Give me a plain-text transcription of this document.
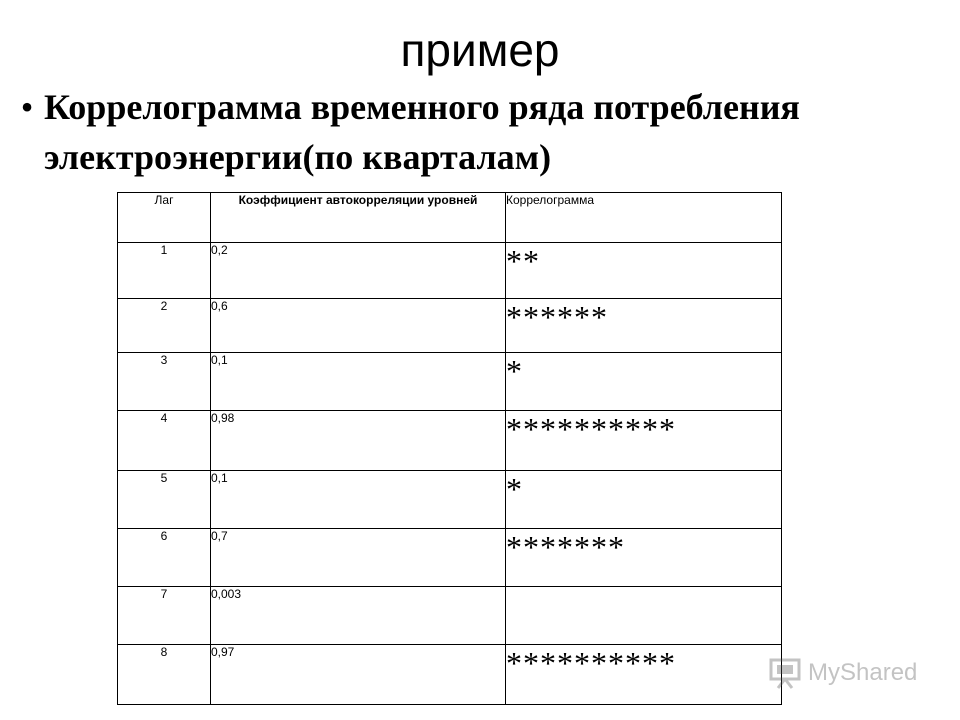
пример
• Коррелограмма временного ряда потребления электроэнергии(по кварталам)
Лаг	Коэффициент автокорреляции уровней	Коррелограмма
1	0,2	**
2	0,6	******
3	0,1	*
4	0,98	**********
5	0,1	*
6	0,7	*******
7	0,003	
8	0,97	**********	MyShared
